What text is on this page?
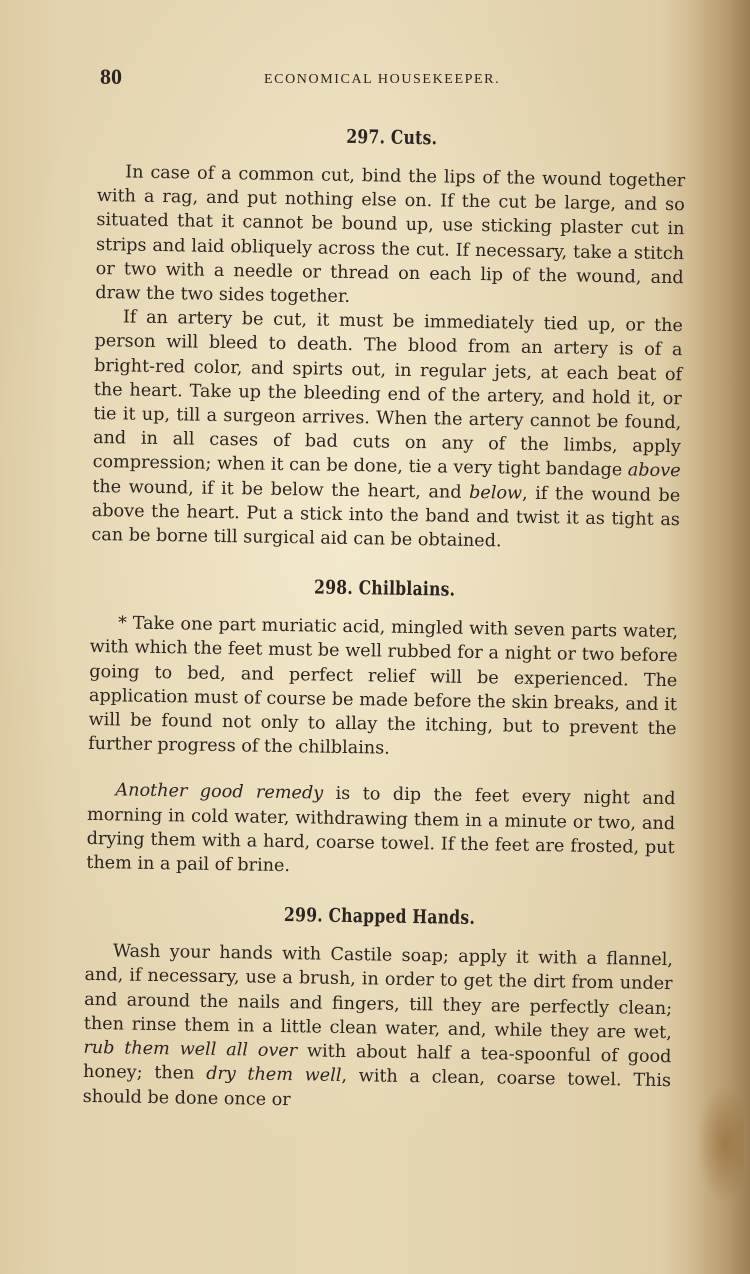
80	ECONOMICAL HOUSEKEEPER.
297. Cuts.

In case of a common cut, bind the lips of the wound together with a rag, and put nothing else on. If the cut be large, and so situated that it cannot be bound up, use sticking plaster cut in strips and laid obliquely across the cut. If necessary, take a stitch or two with a needle or thread on each lip of the wound, and draw the two sides together.

If an artery be cut, it must be immediately tied up, or the person will bleed to death. The blood from an artery is of a bright-red color, and spirts out, in regular jets, at each beat of the heart. Take up the bleeding end of the artery, and hold it, or tie it up, till a surgeon arrives. When the artery cannot be found, and in all cases of bad cuts on any of the limbs, apply compression; when it can be done, tie a very tight bandage above the wound, if it be below the heart, and below, if the wound be above the heart. Put a stick into the band and twist it as tight as can be borne till surgical aid can be obtained.

298. Chilblains.

* Take one part muriatic acid, mingled with seven parts water, with which the feet must be well rubbed for a night or two before going to bed, and perfect relief will be experienced. The application must of course be made before the skin breaks, and it will be found not only to allay the itching, but to prevent the further progress of the chilblains.

Another good remedy is to dip the feet every night and morning in cold water, withdrawing them in a minute or two, and drying them with a hard, coarse towel. If the feet are frosted, put them in a pail of brine.

299. Chapped Hands.

Wash your hands with Castile soap; apply it with a flannel, and, if necessary, use a brush, in order to get the dirt from under and around the nails and fingers, till they are perfectly clean; then rinse them in a little clean water, and, while they are wet, rub them well all over with about half a tea-spoonful of good honey; then dry them well, with a clean, coarse towel. This should be done once or
